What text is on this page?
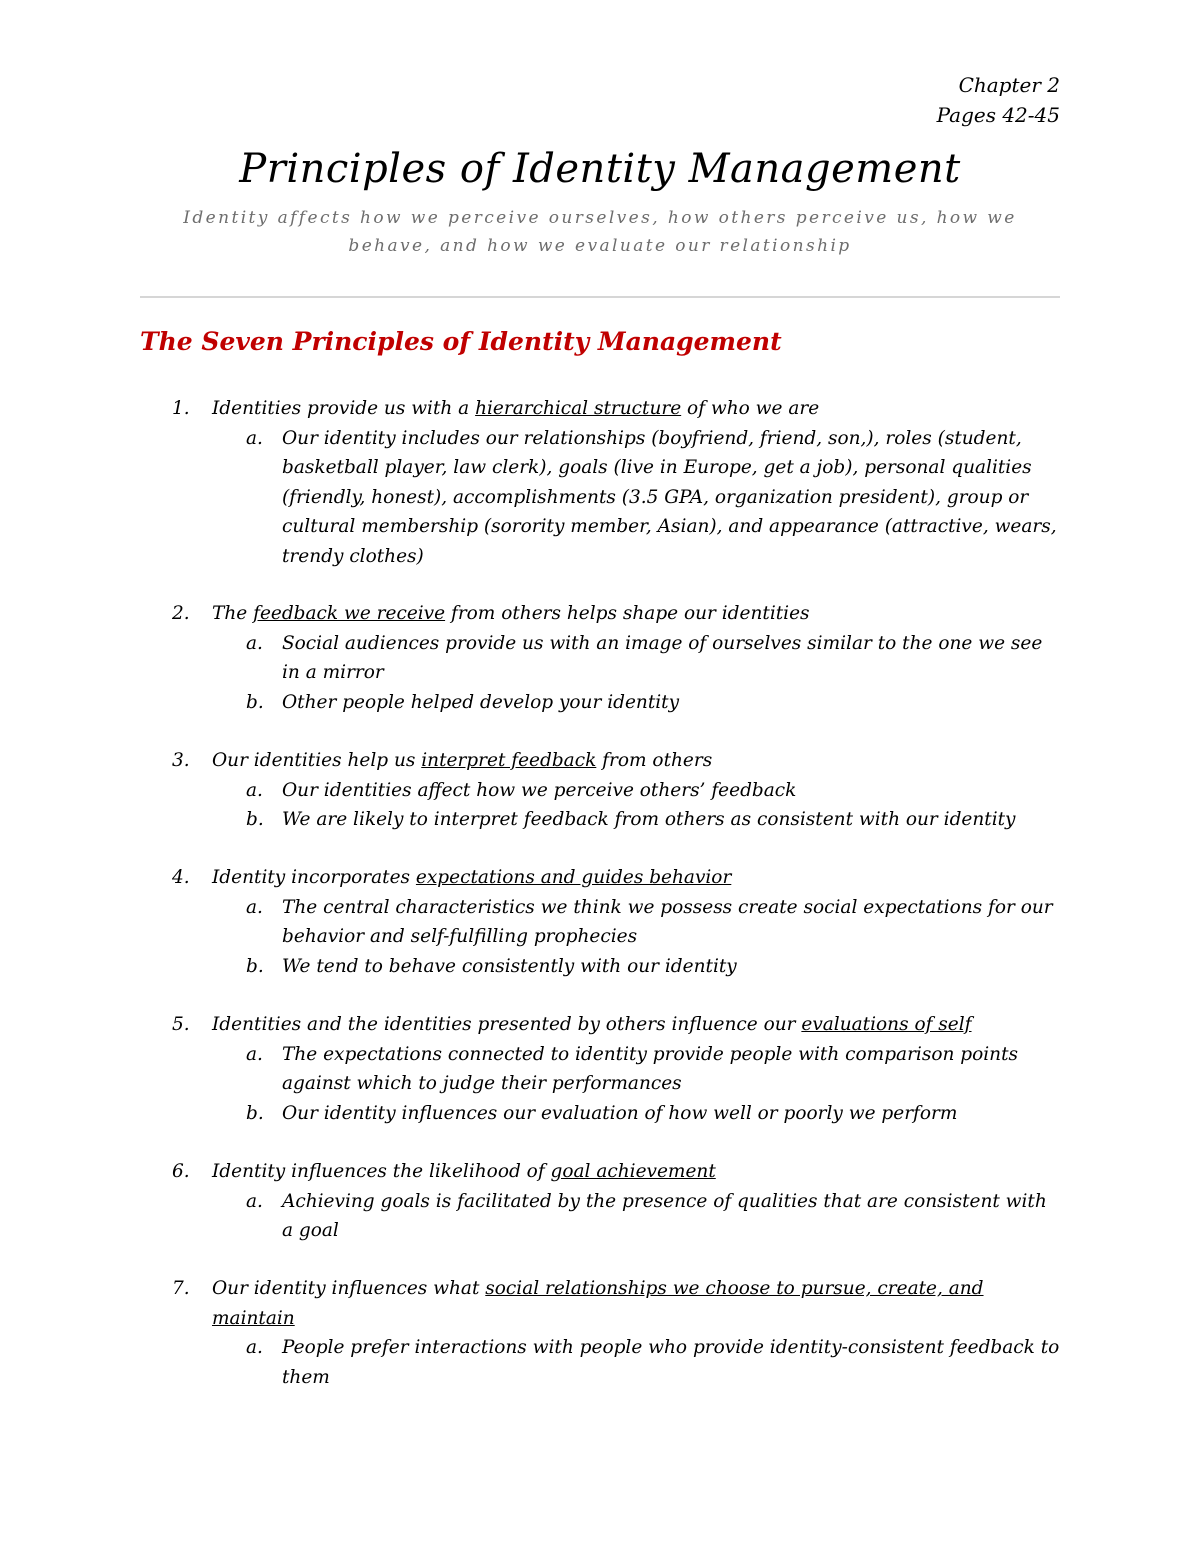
Chapter 2
Pages 42-45
Principles of Identity Management

Identity affects how we perceive ourselves, how others perceive us, how we behave, and how we evaluate our relationship

The Seven Principles of Identity Management
1.	Identities provide us with a hierarchical structure of who we are
a.	Our identity includes our relationships (boyfriend, friend, son,), roles (student, basketball player, law clerk), goals (live in Europe, get a job), personal qualities (friendly, honest), accomplishments (3.5 GPA, organization president), group or cultural membership (sorority member, Asian), and appearance (attractive, wears, trendy clothes)
2.	The feedback we receive from others helps shape our identities
a.	Social audiences provide us with an image of ourselves similar to the one we see in a mirror
b. Other people helped develop your identity
3.	Our identities help us interpret feedback from others
a.	Our identities affect how we perceive others’ feedback
b. We are likely to interpret feedback from others as consistent with our identity
4.	Identity incorporates expectations and guides behavior
a.	The central characteristics we think we possess create social expectations for our behavior and self-fulfilling prophecies
b. We tend to behave consistently with our identity
5.	Identities and the identities presented by others influence our evaluations of self
a.	The expectations connected to identity provide people with comparison points against which to judge their performances
b. Our identity influences our evaluation of how well or poorly we perform
6.	Identity influences the likelihood of goal achievement
a.	Achieving goals is facilitated by the presence of qualities that are consistent with a goal
7.	Our identity influences what social relationships we choose to pursue, create, and maintain
a.	People prefer interactions with people who provide identity-consistent feedback to them
